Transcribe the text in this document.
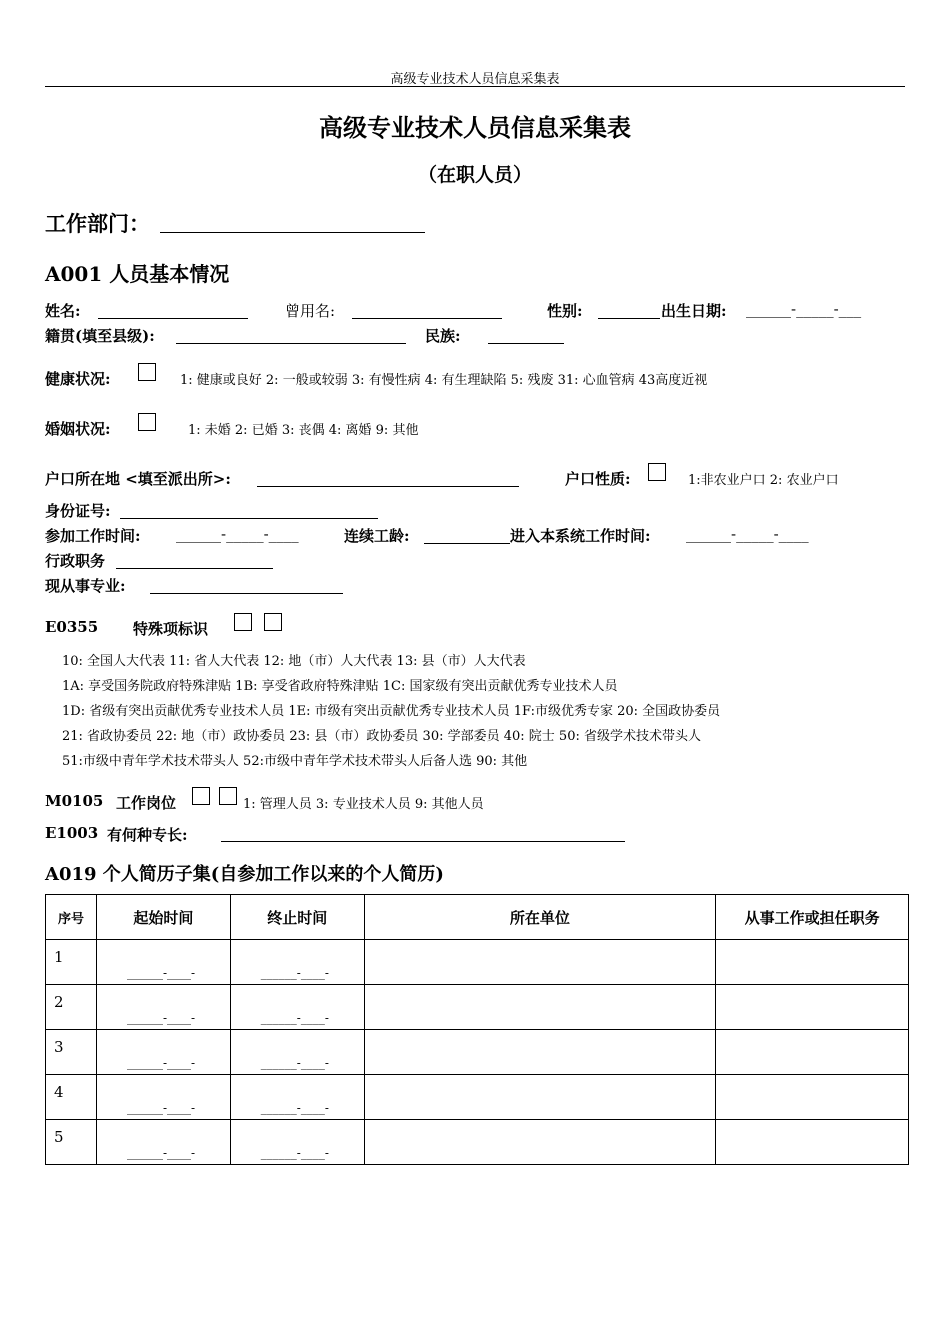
高级专业技术人员信息采集表
高级专业技术人员信息采集表
（在职人员）
工作部门：
A001 人员基本情况
姓名:	曾用名:	性别:	出生日期: ______-_____-___
籍贯(填至县级):	民族:
健康状况:	1: 健康或良好 2: 一般或较弱 3: 有慢性病 4: 有生理缺陷 5: 残废 31: 心血管病 43高度近视
婚姻状况:	1: 未婚 2: 已婚 3: 丧偶 4: 离婚 9: 其他
户口所在地 <填至派出所>:	户口性质:	1:非农业户口 2: 农业户口
身份证号:
参加工作时间: ______-_____-____	连续工龄:	进入本系统工作时间: ______-_____-____
行政职务
现从事专业:
E0355 特殊项标识
10: 全国人大代表 11: 省人大代表 12: 地（市）人大代表 13: 县（市）人大代表
1A: 享受国务院政府特殊津贴 1B: 享受省政府特殊津贴 1C: 国家级有突出贡献优秀专业技术人员
1D: 省级有突出贡献优秀专业技术人员 1E: 市级有突出贡献优秀专业技术人员 1F:市级优秀专家 20: 全国政协委员
21: 省政协委员 22: 地（市）政协委员 23: 县（市）政协委员 30: 学部委员 40: 院士 50: 省级学术技术带头人
51:市级中青年学术技术带头人 52:市级中青年学术技术带头人后备人选 90: 其他
M0105 工作岗位	1: 管理人员 3: 专业技术人员 9: 其他人员
E1003 有何种专长:
A019 个人简历子集(自参加工作以来的个人简历)
序号	起始时间	终止时间	所在单位	从事工作或担任职务

1	______-____-	______-____-		

2	______-____-	______-____-		

3	______-____-	______-____-		

4	______-____-	______-____-		

5	______-____-	______-____-		
